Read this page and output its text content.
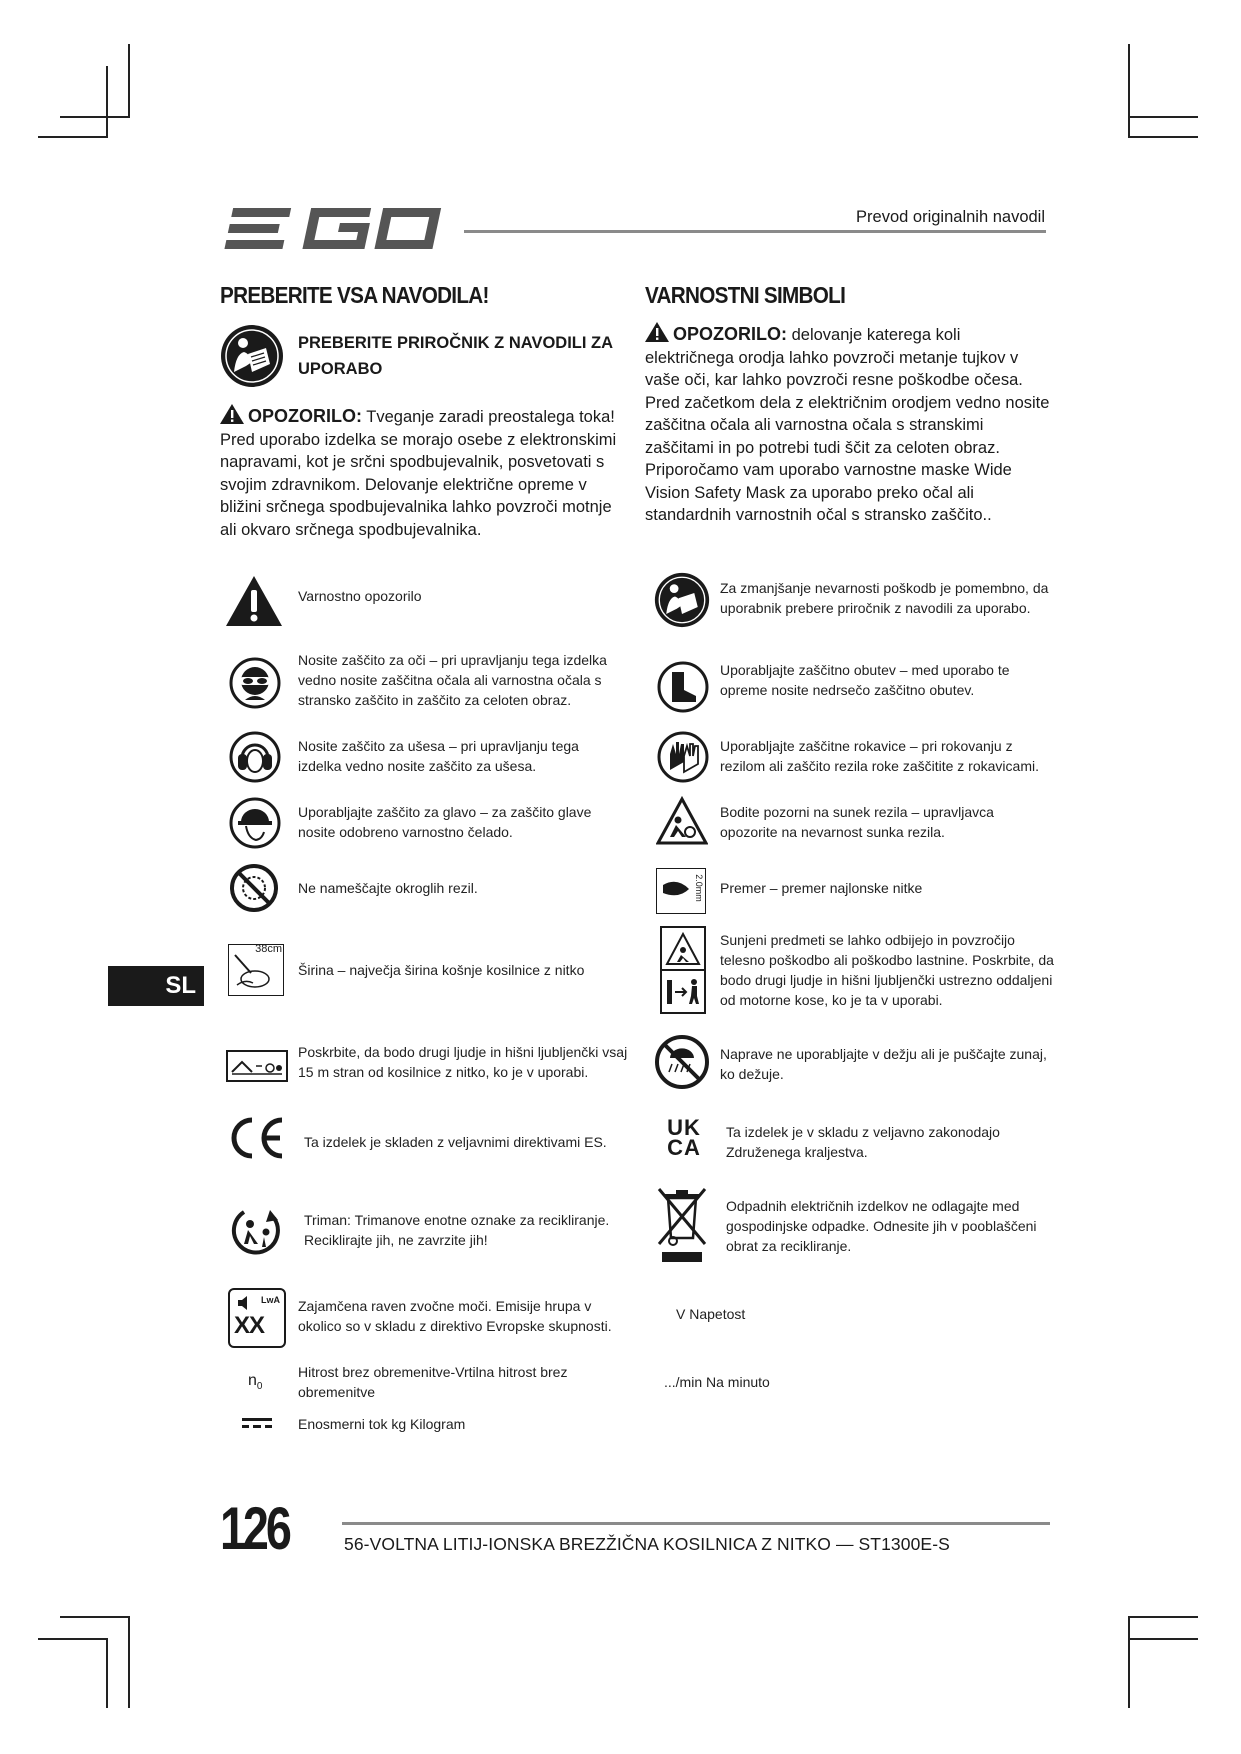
Prevod originalnih navodil
PREBERITE VSA NAVODILA!
PREBERITE PRIROČNIK Z NAVODILI ZA UPORABO
OPOZORILO: Tveganje zaradi preostalega toka! Pred uporabo izdelka se morajo osebe z elektronskimi napravami, kot je srčni spodbujevalnik, posvetovati s svojim zdravnikom. Delovanje električne opreme v bližini srčnega spodbujevalnika lahko povzroči motnje ali okvaro srčnega spodbujevalnika.
VARNOSTNI SIMBOLI
OPOZORILO: delovanje katerega koli električnega orodja lahko povzroči metanje tujkov v vaše oči, kar lahko povzroči resne poškodbe očesa. Pred začetkom dela z električnim orodjem vedno nosite zaščitna očala ali varnostna očala s stranskimi zaščitami in po potrebi tudi ščit za celoten obraz. Priporočamo vam uporabo varnostne maske Wide Vision Safety Mask za uporabo preko očal ali standardnih varnostnih očal s stransko zaščito..
SL
Varnostno opozorilo
Nosite zaščito za oči – pri upravljanju tega izdelka vedno nosite zaščitna očala ali varnostna očala s stransko zaščito in zaščito za celoten obraz.
Nosite zaščito za ušesa – pri upravljanju tega izdelka vedno nosite zaščito za ušesa.
Uporabljajte zaščito za glavo – za zaščito glave nosite odobreno varnostno čelado.
Ne nameščajte okroglih rezil.
38cm
Širina – največja širina košnje kosilnice z nitko
Poskrbite, da bodo drugi ljudje in hišni ljubljenčki vsaj 15 m stran od kosilnice z nitko, ko je v uporabi.
Ta izdelek je skladen z veljavnimi direktivami ES.
Triman: Trimanove enotne oznake za recikliranje. Reciklirajte jih, ne zavrzite jih!
LwA
XX
Zajamčena raven zvočne moči. Emisije hrupa v okolico so v skladu z direktivo Evropske skupnosti.
$n_0$
Hitrost brez obremenitve-Vrtilna hitrost brez obremenitve
Enosmerni tok kg Kilogram
Za zmanjšanje nevarnosti poškodb je pomembno, da uporabnik prebere priročnik z navodili za uporabo.
Uporabljajte zaščitno obutev – med uporabo te opreme nosite nedrsečo zaščitno obutev.
Uporabljajte zaščitne rokavice – pri rokovanju z rezilom ali zaščito rezila roke zaščitite z rokavicami.
Bodite pozorni na sunek rezila – upravljavca opozorite na nevarnost sunka rezila.
2.0mm Premer – premer najlonske nitke
Sunjeni predmeti se lahko odbijejo in povzročijo telesno poškodbo ali poškodbo lastnine. Poskrbite, da bodo drugi ljudje in hišni ljubljenčki ustrezno oddaljeni od motorne kose, ko je ta v uporabi.
Naprave ne uporabljajte v dežju ali je puščajte zunaj, ko dežuje.
UK
CA
Ta izdelek je v skladu z veljavno zakonodajo Združenega kraljestva.
Odpadnih električnih izdelkov ne odlagajte med gospodinjske odpadke. Odnesite jih v pooblaščeni obrat za recikliranje.
V Napetost
.../min Na minuto
126	56-VOLTNA LITIJ-IONSKA BREZŽIČNA KOSILNICA Z NITKO — ST1300E-S
